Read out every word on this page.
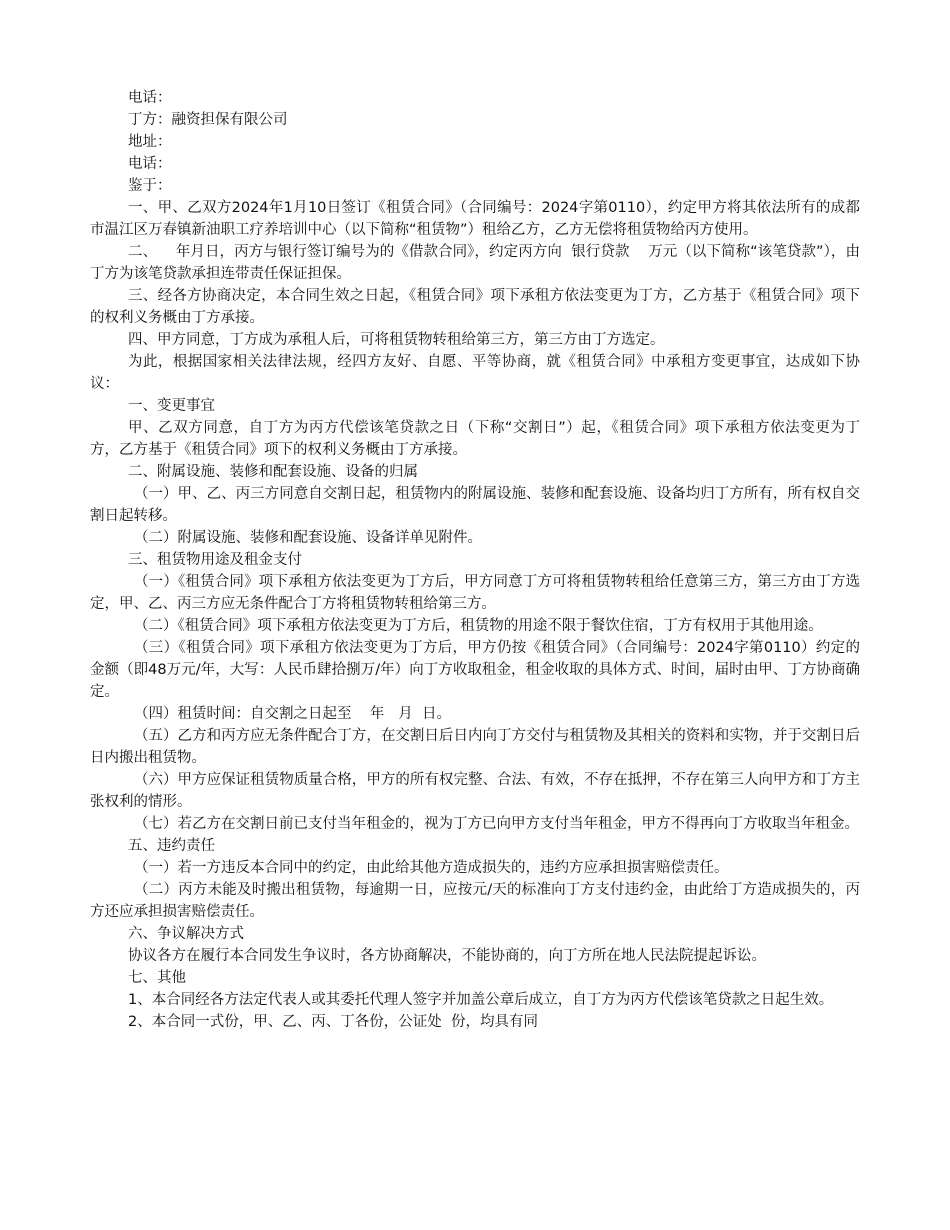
电话：

丁方：融资担保有限公司

地址：

电话：

鉴于：

一、甲、乙双方2024年1月10日签订《租赁合同》（合同编号：2024字第0110），约定甲方将其依法所有的成都市温江区万春镇新油职工疗养培训中心（以下简称“租赁物”）租给乙方，乙方无偿将租赁物给丙方使用。

二、    年月日，丙方与银行签订编号为的《借款合同》，约定丙方向  银行贷款    万元（以下简称“该笔贷款”），由丁方为该笔贷款承担连带责任保证担保。

三、经各方协商决定，本合同生效之日起，《租赁合同》项下承租方依法变更为丁方，乙方基于《租赁合同》项下的权利义务概由丁方承接。

四、甲方同意，丁方成为承租人后，可将租赁物转租给第三方，第三方由丁方选定。

为此，根据国家相关法律法规，经四方友好、自愿、平等协商，就《租赁合同》中承租方变更事宜，达成如下协议：

一、变更事宜

甲、乙双方同意，自丁方为丙方代偿该笔贷款之日（下称“交割日”）起，《租赁合同》项下承租方依法变更为丁方，乙方基于《租赁合同》项下的权利义务概由丁方承接。

二、附属设施、装修和配套设施、设备的归属

（一）甲、乙、丙三方同意自交割日起，租赁物内的附属设施、装修和配套设施、设备均归丁方所有，所有权自交割日起转移。

（二）附属设施、装修和配套设施、设备详单见附件。

三、租赁物用途及租金支付

（一）《租赁合同》项下承租方依法变更为丁方后，甲方同意丁方可将租赁物转租给任意第三方，第三方由丁方选定，甲、乙、丙三方应无条件配合丁方将租赁物转租给第三方。

（二）《租赁合同》项下承租方依法变更为丁方后，租赁物的用途不限于餐饮住宿，丁方有权用于其他用途。

（三）《租赁合同》项下承租方依法变更为丁方后，甲方仍按《租赁合同》（合同编号：2024字第0110）约定的金额（即48万元/年，大写：人民币肆拾捌万/年）向丁方收取租金，租金收取的具体方式、时间，届时由甲、丁方协商确定。

（四）租赁时间：自交割之日起至    年   月  日。

（五）乙方和丙方应无条件配合丁方，在交割日后日内向丁方交付与租赁物及其相关的资料和实物，并于交割日后  日内搬出租赁物。

（六）甲方应保证租赁物质量合格，甲方的所有权完整、合法、有效，不存在抵押，不存在第三人向甲方和丁方主张权利的情形。

（七）若乙方在交割日前已支付当年租金的，视为丁方已向甲方支付当年租金，甲方不得再向丁方收取当年租金。

五、违约责任

（一）若一方违反本合同中的约定，由此给其他方造成损失的，违约方应承担损害赔偿责任。

（二）丙方未能及时搬出租赁物，每逾期一日，应按元/天的标准向丁方支付违约金，由此给丁方造成损失的，丙方还应承担损害赔偿责任。

六、争议解决方式

协议各方在履行本合同发生争议时，各方协商解决，不能协商的，向丁方所在地人民法院提起诉讼。

七、其他

1、本合同经各方法定代表人或其委托代理人签字并加盖公章后成立，自丁方为丙方代偿该笔贷款之日起生效。

2、本合同一式份，甲、乙、丙、丁各份，公证处  份，均具有同
